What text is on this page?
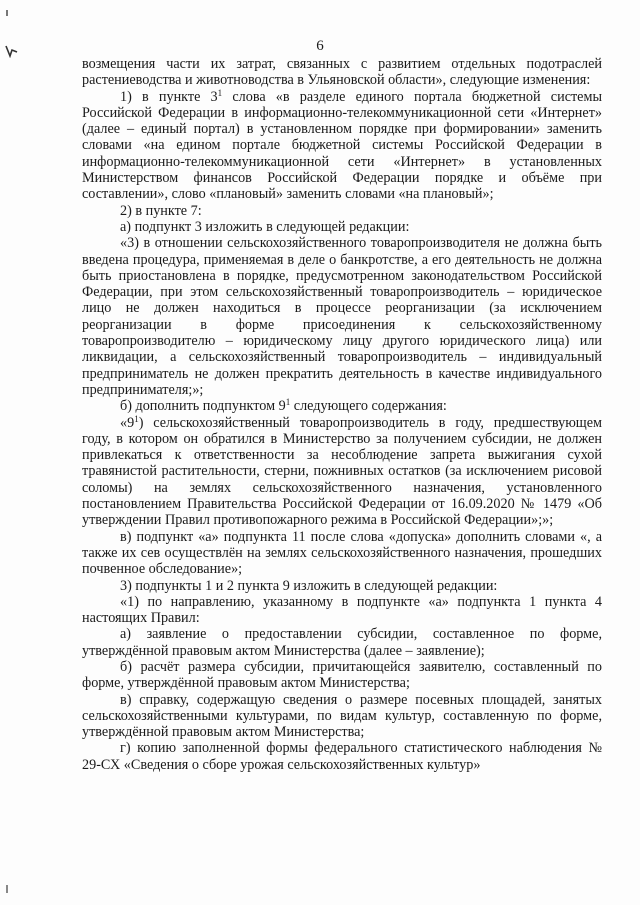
6

возмещения части их затрат, связанных с развитием отдельных подотраслей растениеводства и животноводства в Ульяновской области», следующие изменения:

1) в пункте $3^1$ слова «в разделе единого портала бюджетной системы Российской Федерации в информационно-телекоммуникационной сети «Интернет» (далее – единый портал) в установленном порядке при формировании» заменить словами «на едином портале бюджетной системы Российской Федерации в информационно-телекоммуникационной сети «Интернет» в установленных Министерством финансов Российской Федерации порядке и объёме при составлении», слово «плановый» заменить словами «на плановый»;

2) в пункте 7:

а) подпункт 3 изложить в следующей редакции:

«3) в отношении сельскохозяйственного товаропроизводителя не должна быть введена процедура, применяемая в деле о банкротстве, а его деятельность не должна быть приостановлена в порядке, предусмотренном законодательством Российской Федерации, при этом сельскохозяйственный товаропроизводитель – юридическое лицо не должен находиться в процессе реорганизации (за исключением реорганизации в форме присоединения к сельскохозяйственному товаропроизводителю – юридическому лицу другого юридического лица) или ликвидации, а сельскохозяйственный товаропроизводитель – индивидуальный предприниматель не должен прекратить деятельность в качестве индивидуального предпринимателя;»;

б) дополнить подпунктом $9^1$ следующего содержания:

«$9^1$) сельскохозяйственный товаропроизводитель в году, предшествующем году, в котором он обратился в Министерство за получением субсидии, не должен привлекаться к ответственности за несоблюдение запрета выжигания сухой травянистой растительности, стерни, пожнивных остатков (за исключением рисовой соломы) на землях сельскохозяйственного назначения, установленного постановлением Правительства Российской Федерации от 16.09.2020 № 1479 «Об утверждении Правил противопожарного режима в Российской Федерации»;»;

в) подпункт «а» подпункта 11 после слова «допуска» дополнить словами «, а также их сев осуществлён на землях сельскохозяйственного назначения, прошедших почвенное обследование»;

3) подпункты 1 и 2 пункта 9 изложить в следующей редакции:

«1) по направлению, указанному в подпункте «а» подпункта 1 пункта 4 настоящих Правил:

а) заявление о предоставлении субсидии, составленное по форме, утверждённой правовым актом Министерства (далее – заявление);

б) расчёт размера субсидии, причитающейся заявителю, составленный по форме, утверждённой правовым актом Министерства;

в) справку, содержащую сведения о размере посевных площадей, занятых сельскохозяйственными культурами, по видам культур, составленную по форме, утверждённой правовым актом Министерства;

г) копию заполненной формы федерального статистического наблюдения № 29-СХ «Сведения о сборе урожая сельскохозяйственных культур»
